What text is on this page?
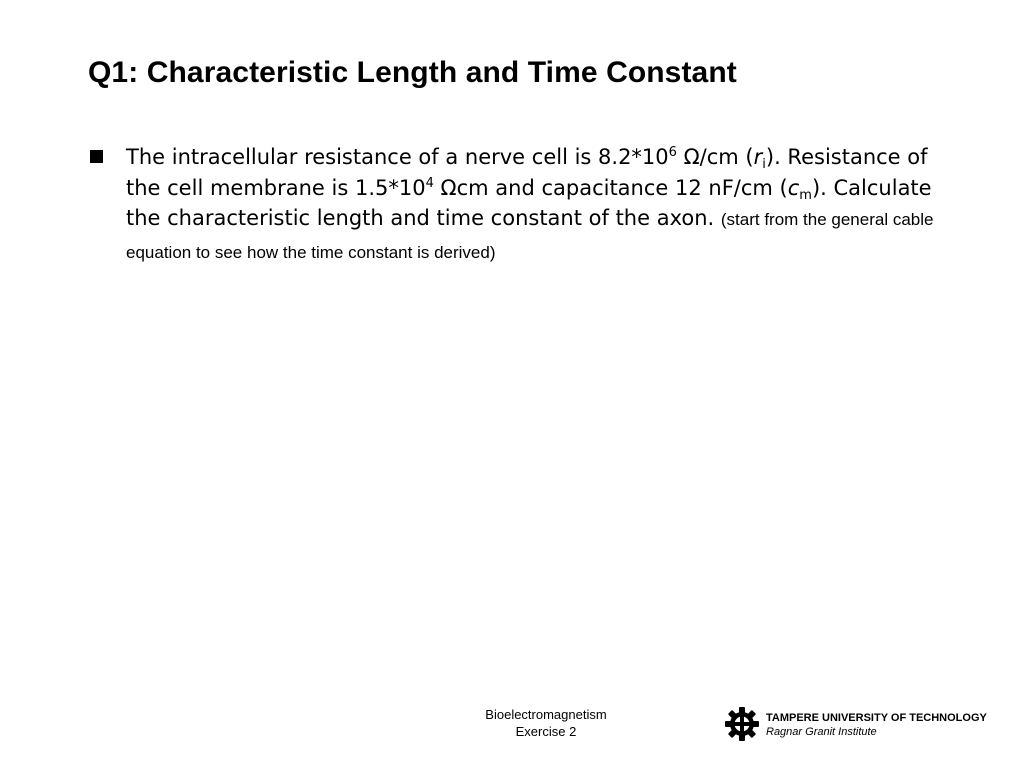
Q1: Characteristic Length and Time Constant

The intracellular resistance of a nerve cell is $8.2*10^6$ Ω/cm $(r_i)$. Resistance of the cell membrane is $1.5*10^4$ Ωcm and capacitance 12 nF/cm $(c_m)$. Calculate the characteristic length and time constant of the axon. (start from the general cable equation to see how the time constant is derived)

Bioelectromagnetism
Exercise 2
TAMPERE UNIVERSITY OF TECHNOLOGY
Ragnar Granit Institute
